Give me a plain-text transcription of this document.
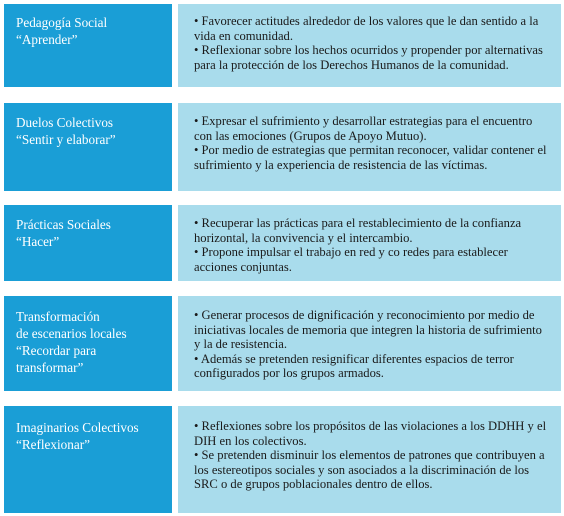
Pedagogía Social
“Aprender”
• Favorecer actitudes alrededor de los valores que le dan sentido a la vida en comunidad.
• Reflexionar sobre los hechos ocurridos y propender por alternativas para la protección de los Derechos Humanos de la comunidad.
Duelos Colectivos
“Sentir y elaborar”
• Expresar el sufrimiento y desarrollar estrategias para el encuentro con las emociones (Grupos de Apoyo Mutuo).
• Por medio de estrategias que permitan reconocer, validar contener el sufrimiento y la experiencia de resistencia de las víctimas.
Prácticas Sociales
“Hacer”
• Recuperar las prácticas para el restablecimiento de la confianza horizontal, la convivencia y el intercambio.
• Propone impulsar el trabajo en red y co redes para establecer acciones conjuntas.
Transformación
de escenarios locales
“Recordar para
transformar”
• Generar procesos de dignificación y reconocimiento por medio de iniciativas locales de memoria que integren la historia de sufrimiento y la de resistencia.
• Además se pretenden resignificar diferentes espacios de terror configurados por los grupos armados.
Imaginarios Colectivos
“Reflexionar”
• Reflexiones sobre los propósitos de las violaciones a los DDHH y el DIH en los colectivos.
• Se pretenden disminuir los elementos de patrones que contribuyen a los estereotipos sociales y son asociados a la discriminación de los SRC o de grupos poblacionales dentro de ellos.
